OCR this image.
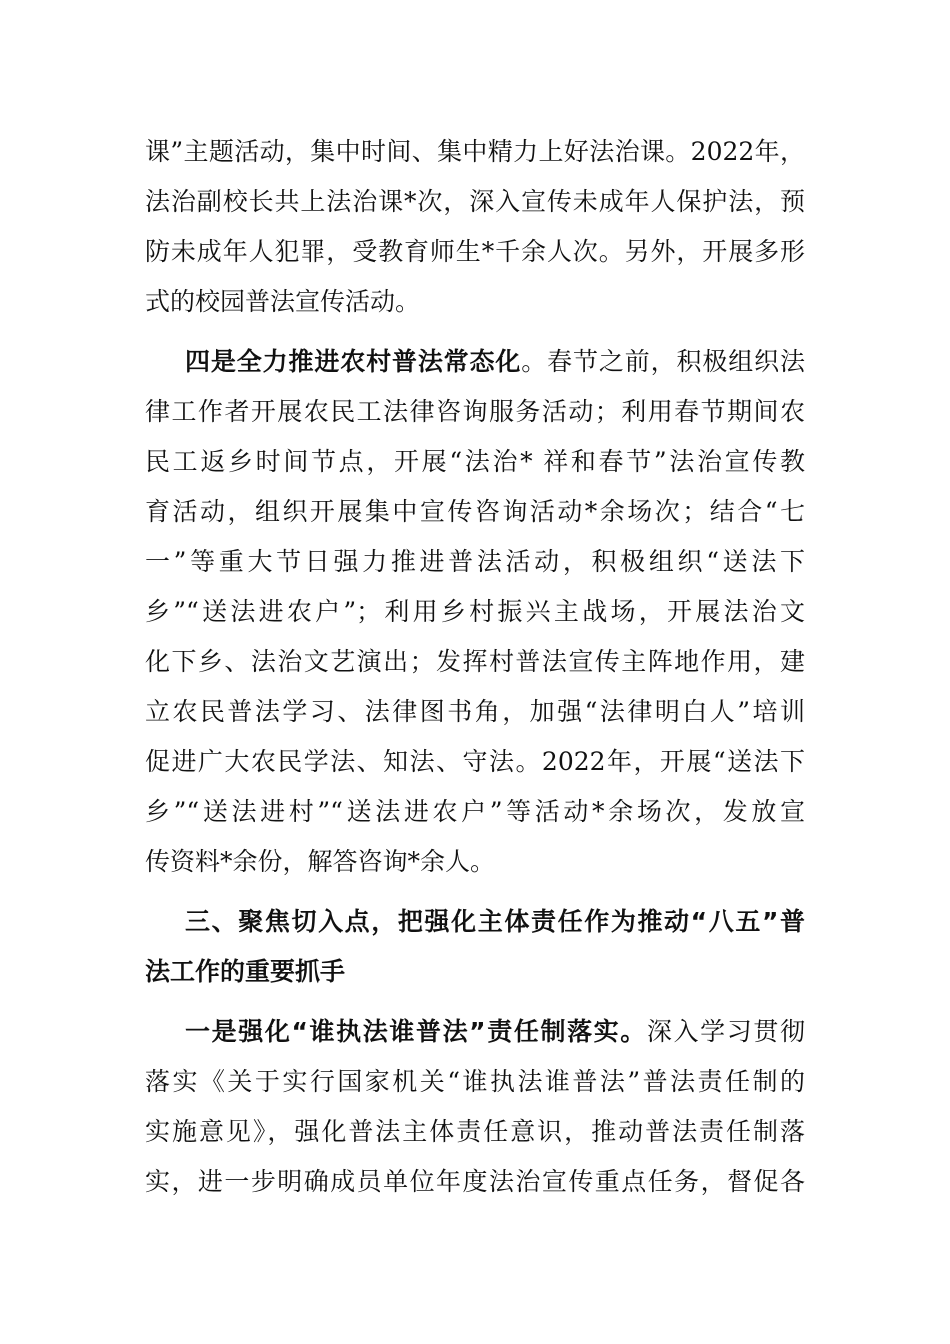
课”主题活动，集中时间、集中精力上好法治课。2022年，
法治副校长共上法治课*次，深入宣传未成年人保护法，预
防未成年人犯罪，受教育师生*千余人次。另外，开展多形
式的校园普法宣传活动。
四是全力推进农村普法常态化。春节之前，积极组织法
律工作者开展农民工法律咨询服务活动；利用春节期间农
民工返乡时间节点，开展“法治* 祥和春节”法治宣传教
育活动，组织开展集中宣传咨询活动*余场次；结合“七
一”等重大节日强力推进普法活动，积极组织“送法下
乡”“送法进农户”；利用乡村振兴主战场，开展法治文
化下乡、法治文艺演出；发挥村普法宣传主阵地作用，建
立农民普法学习、法律图书角，加强“法律明白人”培训
促进广大农民学法、知法、守法。2022年，开展“送法下
乡”“送法进村”“送法进农户”等活动*余场次，发放宣
传资料*余份，解答咨询*余人。
三、聚焦切入点，把强化主体责任作为推动“八五”普
法工作的重要抓手
一是强化“谁执法谁普法”责任制落实。深入学习贯彻
落实《关于实行国家机关“谁执法谁普法”普法责任制的
实施意见》，强化普法主体责任意识，推动普法责任制落
实，进一步明确成员单位年度法治宣传重点任务，督促各
